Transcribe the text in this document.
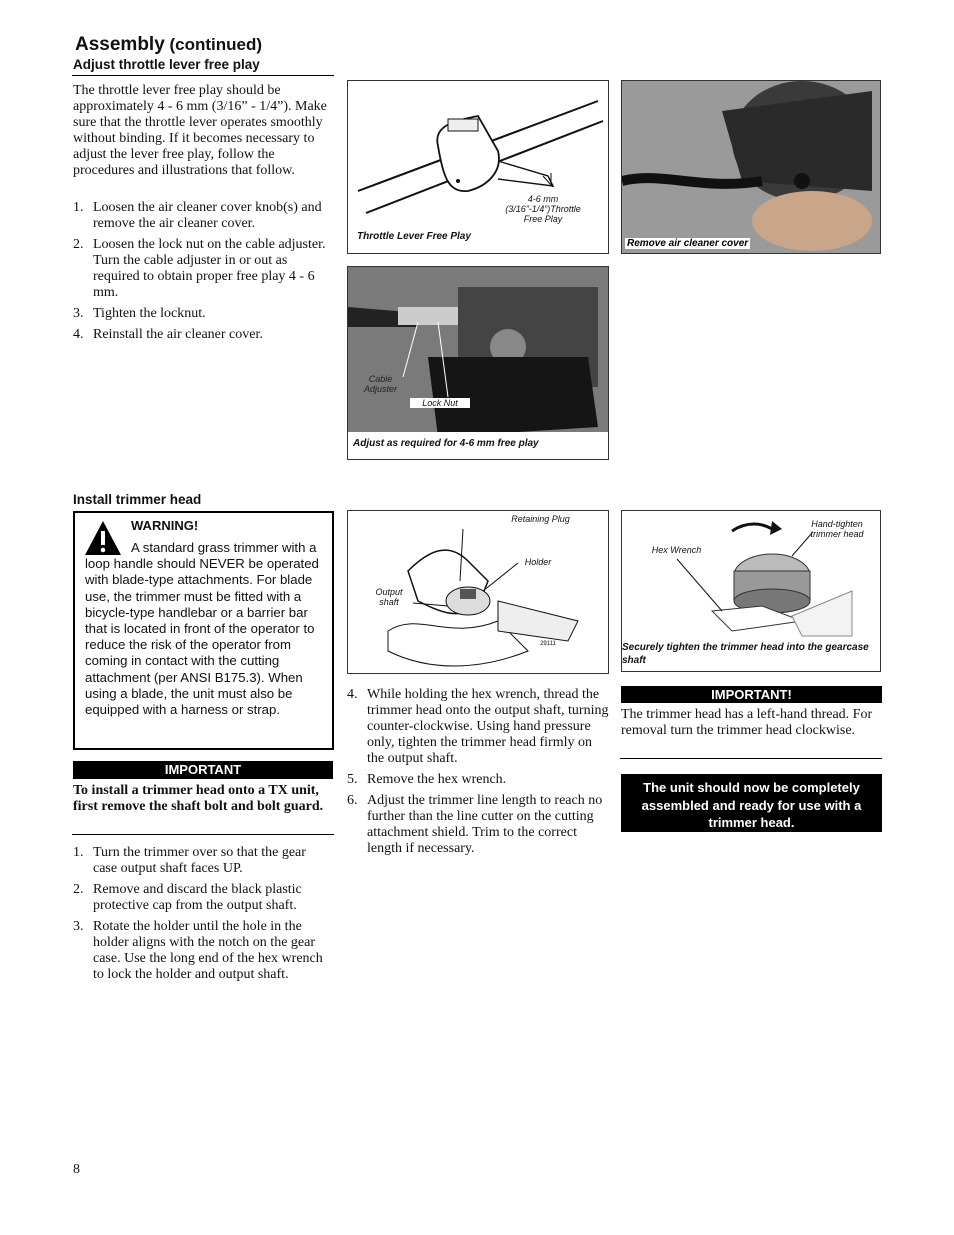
Assembly (continued)
Adjust throttle lever free play
The throttle lever free play should be approximately 4 - 6 mm (3/16” - 1/4”). Make sure that the throttle lever operates smoothly without binding. If it becomes necessary to adjust the lever free play, follow the procedures and illustrations that follow.
1. Loosen the air cleaner cover knob(s) and remove the air cleaner cover.
2. Loosen the lock nut on the cable adjuster. Turn the cable adjuster in or out as required to obtain proper free play 4 - 6 mm.
3. Tighten the locknut.
4. Reinstall the air cleaner cover.
4-6 mm (3/16”-1/4”)Throttle Free Play
Throttle Lever Free Play
Remove air cleaner cover
Cable Adjuster
Lock Nut
Adjust as required for 4-6 mm free play
Install trimmer head
WARNING!
A standard grass trimmer with a loop handle should NEVER be operated with blade-type attachments. For blade use, the trimmer must be fitted with a bicycle-type handlebar or a barrier bar that is located in front of the operator to reduce the risk of the operator from coming in contact with the cutting attachment (per ANSI B175.3). When using a blade, the unit must also be equipped with a harness or strap.
IMPORTANT
To install a trimmer head onto a TX unit, first remove the shaft bolt and bolt guard.
1. Turn the trimmer over so that the gear case output shaft faces UP.
2. Remove and discard the black plastic protective cap from the output shaft.
3. Rotate the holder until the hole in the holder aligns with the notch on the gear case. Use the long end of the hex wrench to lock the holder and output shaft.
Retaining Plug
Holder
Output shaft
29111
4. While holding the hex wrench, thread the trimmer head onto the output shaft, turning counter-clockwise. Using hand pressure only, tighten the trimmer head firmly on the output shaft.
5. Remove the hex wrench.
6. Adjust the trimmer line length to reach no further than the line cutter on the cutting attachment shield. Trim to the correct length if necessary.
Hex Wrench
Hand-tighten trimmer head
Securely tighten the trimmer head into the gearcase shaft
IMPORTANT!
The trimmer head has a left-hand thread. For removal turn the trimmer head clockwise.
The unit should now be completely assembled and ready for use with a trimmer head.
8
